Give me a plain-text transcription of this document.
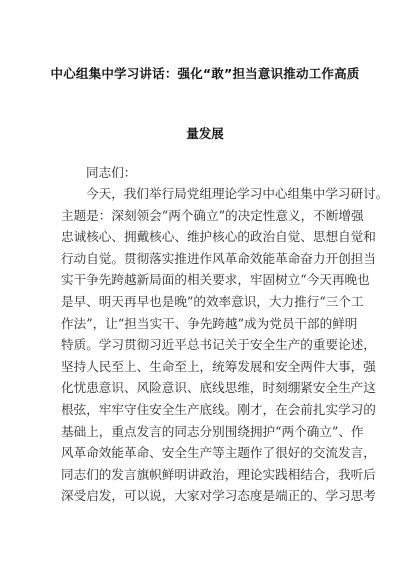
中心组集中学习讲话：强化“敢”担当意识推动工作高质
量发展
同志们：
今天，我们举行局党组理论学习中心组集中学习研讨。
主题是：深刻领会“两个确立”的决定性意义，不断增强
忠诚核心、拥戴核心、维护核心的政治自觉、思想自觉和
行动自觉。贯彻落实推进作风革命效能革命奋力开创担当
实干争先跨越新局面的相关要求，牢固树立“今天再晚也
是早、明天再早也是晚”的效率意识，大力推行“三个工
作法”，让“担当实干、争先跨越”成为党员干部的鲜明
特质。学习贯彻习近平总书记关于安全生产的重要论述，
坚持人民至上、生命至上，统筹发展和安全两件大事，强
化忧患意识、风险意识、底线思维，时刻绷紧安全生产这
根弦，牢牢守住安全生产底线。刚才，在会前扎实学习的
基础上，重点发言的同志分别围绕拥护“两个确立”、作
风革命效能革命、安全生产等主题作了很好的交流发言，
同志们的发言旗帜鲜明讲政治，理论实践相结合，我听后
深受启发，可以说，大家对学习态度是端正的、学习思考
